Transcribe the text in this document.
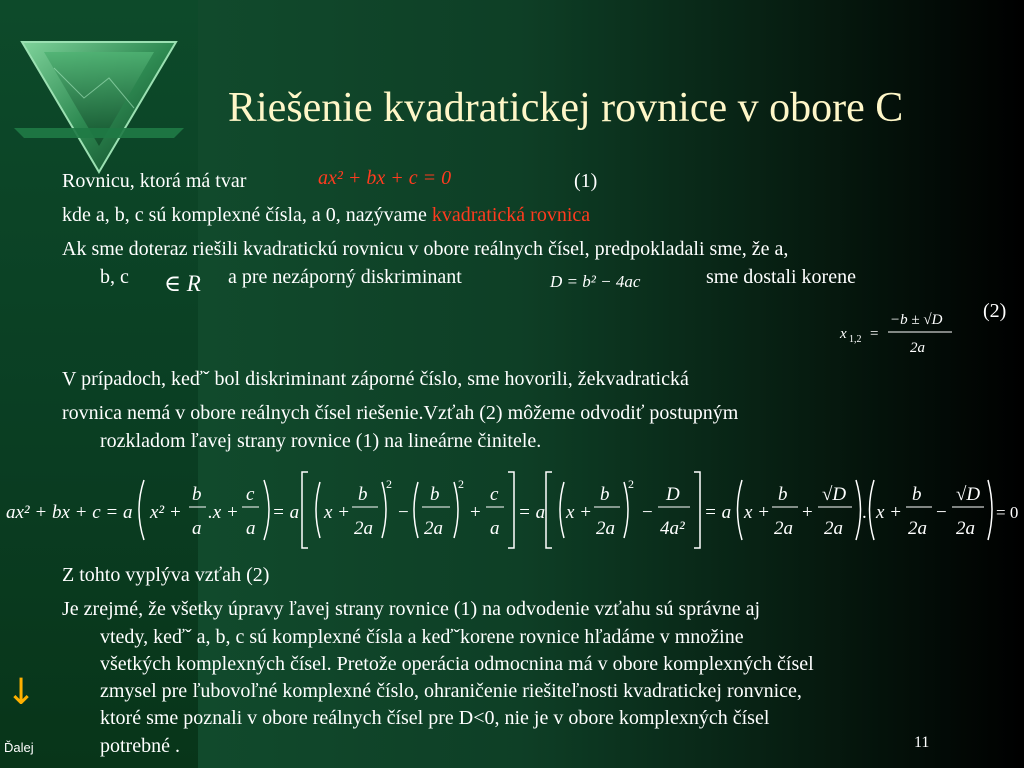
Riešenie kvadratickej rovnice v obore C
Rovnicu, ktorá má tvar	ax² + bx + c = 0	(1)
kde a, b, c sú komplexné čísla, a 0, nazývame kvadratická rovnica
Ak sme doteraz riešili kvadratickú rovnicu v obore reálnych čísel, predpokladali sme, že a,
b, c ∈ R a pre nezáporný diskriminant	D = b² − 4ac	sme dostali korene
(2)
x 1,2 =
−b ± √D
2a
V prípadoch, keďˇ bol diskriminant záporné číslo, sme hovorili, žekvadratická
rovnica nemá v obore reálnych čísel riešenie.Vzťah (2) môžeme odvodiť postupným
rozkladom ľavej strany rovnice (1) na lineárne činitele.
ax² + bx + c = a x² +
b
a
.x +
c
a
= a x +
b
2a
2
−
b
2a
2
+
c
a
= a x +
b
2a
2
−
D
4a²
= a x +
b
2a
+
√D
2a
. x +
b
2a
−
√D
2a
= 0
Z tohto vyplýva vzťah (2)
Je zrejmé, že všetky úpravy ľavej strany rovnice (1) na odvodenie vzťahu sú správne aj
vtedy, keďˇ a, b, c sú komplexné čísla a keďˇkorene rovnice hľadáme v množine
všetkých komplexných čísel. Pretože operácia odmocnina má v obore komplexných čísel
zmysel pre ľubovoľné komplexné číslo, ohraničenie riešiteľnosti kvadratickej ronvnice,
ktoré sme poznali v obore reálnych čísel pre D<0, nie je v obore komplexných čísel
potrebné .
↓
Ďalej	11
